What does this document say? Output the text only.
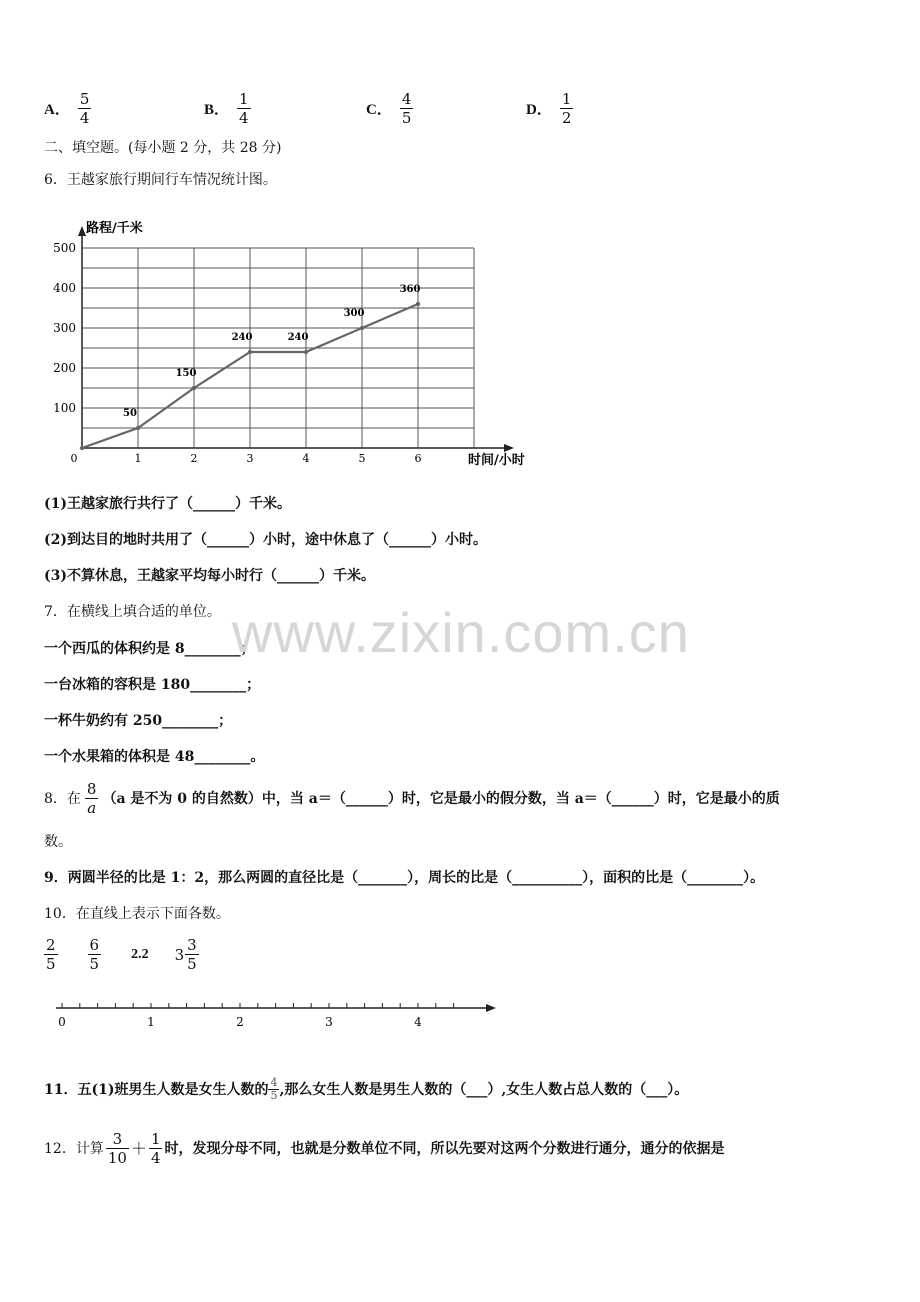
A． $\frac{5}{4}$	B． $\frac{1}{4}$	C． $\frac{4}{5}$	D． $\frac{1}{2}$
二、填空题。(每小题 2 分，共 28 分)
6．王越家旅行期间行车情况统计图。
100
200
300
400
500
0	1	2	3	4	5	6
50
150
240	240
300
360
路程/千米
时间/小时
(1)王越家旅行共行了（______）千米。
(2)到达目的地时共用了（______）小时，途中休息了（______）小时。
(3)不算休息，王越家平均每小时行（______）千米。
7．在横线上填合适的单位。
一个西瓜的体积约是 8________；
一台冰箱的容积是 180________；
一杯牛奶约有 250________；
一个水果箱的体积是 48________。
8．在 $\frac{8}{a} (a$ 是不为 0 的自然数）中，当 a＝（______）时，它是最小的假分数，当 a＝（______）时，它是最小的质
数。
9．两圆半径的比是 1：2，那么两圆的直径比是（_______），周长的比是（__________），面积的比是（________）。
10．在直线上表示下面各数。
$\frac{2}{5} \frac{6}{5} 2.2$ $3 \frac{3}{5}$
0	1	2	3	4
11．五(1)班男生人数是女生人数的 $\frac{4}{5}$ ,那么女生人数是男生人数的（___）,女生人数占总人数的（___）。
12．计算 $\frac{3}{10} + \frac{1}{4}$ 时，发现分母不同，也就是分数单位不同，所以先要对这两个分数进行通分，通分的依据是
www.zixin.com.cn
